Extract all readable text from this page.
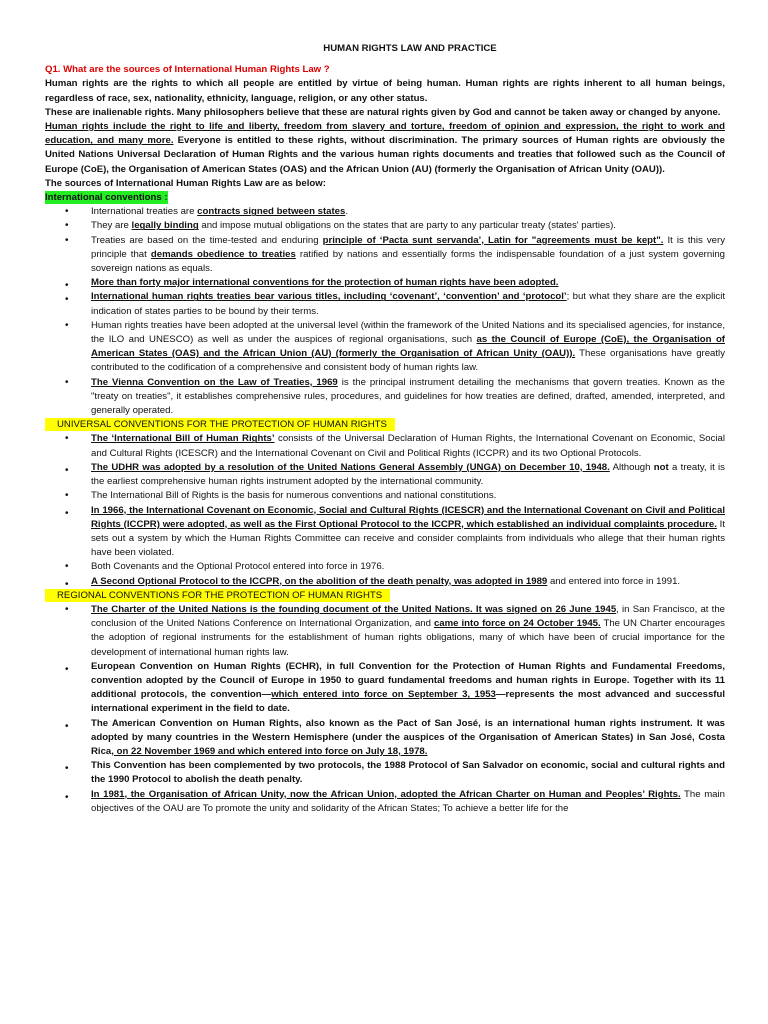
HUMAN RIGHTS LAW AND PRACTICE
Q1. What are the sources of International Human Rights Law ?
Human rights are the rights to which all people are entitled by virtue of being human. Human rights are rights inherent to all human beings, regardless of race, sex, nationality, ethnicity, language, religion, or any other status.
These are inalienable rights. Many philosophers believe that these are natural rights given by God and cannot be taken away or changed by anyone.
Human rights include the right to life and liberty, freedom from slavery and torture, freedom of opinion and expression, the right to work and education, and many more. Everyone is entitled to these rights, without discrimination. The primary sources of Human rights are obviously the United Nations Universal Declaration of Human Rights and the various human rights documents and treaties that followed such as the Council of Europe (CoE), the Organisation of American States (OAS) and the African Union (AU) (formerly the Organisation of African Unity (OAU)).
The sources of International Human Rights Law are as below:
International conventions :
• International treaties are contracts signed between states.
• They are legally binding and impose mutual obligations on the states that are party to any particular treaty (states' parties).
• Treaties are based on the time-tested and enduring principle of ‘Pacta sunt servanda’, Latin for "agreements must be kept". It is this very principle that demands obedience to treaties ratified by nations and essentially forms the indispensable foundation of a just system governing sovereign nations as equals.
• More than forty major international conventions for the protection of human rights have been adopted.
• International human rights treaties bear various titles, including ‘covenant’, ‘convention’ and ‘protocol’; but what they share are the explicit indication of states parties to be bound by their terms.
• Human rights treaties have been adopted at the universal level (within the framework of the United Nations and its specialised agencies, for instance, the ILO and UNESCO) as well as under the auspices of regional organisations, such as the Council of Europe (CoE), the Organisation of American States (OAS) and the African Union (AU) (formerly the Organisation of African Unity (OAU)). These organisations have greatly contributed to the codification of a comprehensive and consistent body of human rights law.
• The Vienna Convention on the Law of Treaties, 1969 is the principal instrument detailing the mechanisms that govern treaties. Known as the "treaty on treaties", it establishes comprehensive rules, procedures, and guidelines for how treaties are defined, drafted, amended, interpreted, and generally operated.
UNIVERSAL CONVENTIONS FOR THE PROTECTION OF HUMAN RIGHTS
• The ‘International Bill of Human Rights’ consists of the Universal Declaration of Human Rights, the International Covenant on Economic, Social and Cultural Rights (ICESCR) and the International Covenant on Civil and Political Rights (ICCPR) and its two Optional Protocols.
• The UDHR was adopted by a resolution of the United Nations General Assembly (UNGA) on December 10, 1948. Although not a treaty, it is the earliest comprehensive human rights instrument adopted by the international community.
• The International Bill of Rights is the basis for numerous conventions and national constitutions.
• In 1966, the International Covenant on Economic, Social and Cultural Rights (ICESCR) and the International Covenant on Civil and Political Rights (ICCPR) were adopted, as well as the First Optional Protocol to the ICCPR, which established an individual complaints procedure. It sets out a system by which the Human Rights Committee can receive and consider complaints from individuals who allege that their human rights have been violated.
• Both Covenants and the Optional Protocol entered into force in 1976.
• A Second Optional Protocol to the ICCPR, on the abolition of the death penalty, was adopted in 1989 and entered into force in 1991.
REGIONAL CONVENTIONS FOR THE PROTECTION OF HUMAN RIGHTS
• The Charter of the United Nations is the founding document of the United Nations. It was signed on 26 June 1945, in San Francisco, at the conclusion of the United Nations Conference on International Organization, and came into force on 24 October 1945. The UN Charter encourages the adoption of regional instruments for the establishment of human rights obligations, many of which have been of crucial importance for the development of international human rights law.
• European Convention on Human Rights (ECHR), in full Convention for the Protection of Human Rights and Fundamental Freedoms, convention adopted by the Council of Europe in 1950 to guard fundamental freedoms and human rights in Europe. Together with its 11 additional protocols, the convention—which entered into force on September 3, 1953—represents the most advanced and successful international experiment in the field to date.
• The American Convention on Human Rights, also known as the Pact of San José, is an international human rights instrument. It was adopted by many countries in the Western Hemisphere (under the auspices of the Organisation of American States) in San José, Costa Rica, on 22 November 1969 and which entered into force on July 18, 1978.
• This Convention has been complemented by two protocols, the 1988 Protocol of San Salvador on economic, social and cultural rights and the 1990 Protocol to abolish the death penalty.
• In 1981, the Organisation of African Unity, now the African Union, adopted the African Charter on Human and Peoples’ Rights. The main objectives of the OAU are To promote the unity and solidarity of the African States; To achieve a better life for the
